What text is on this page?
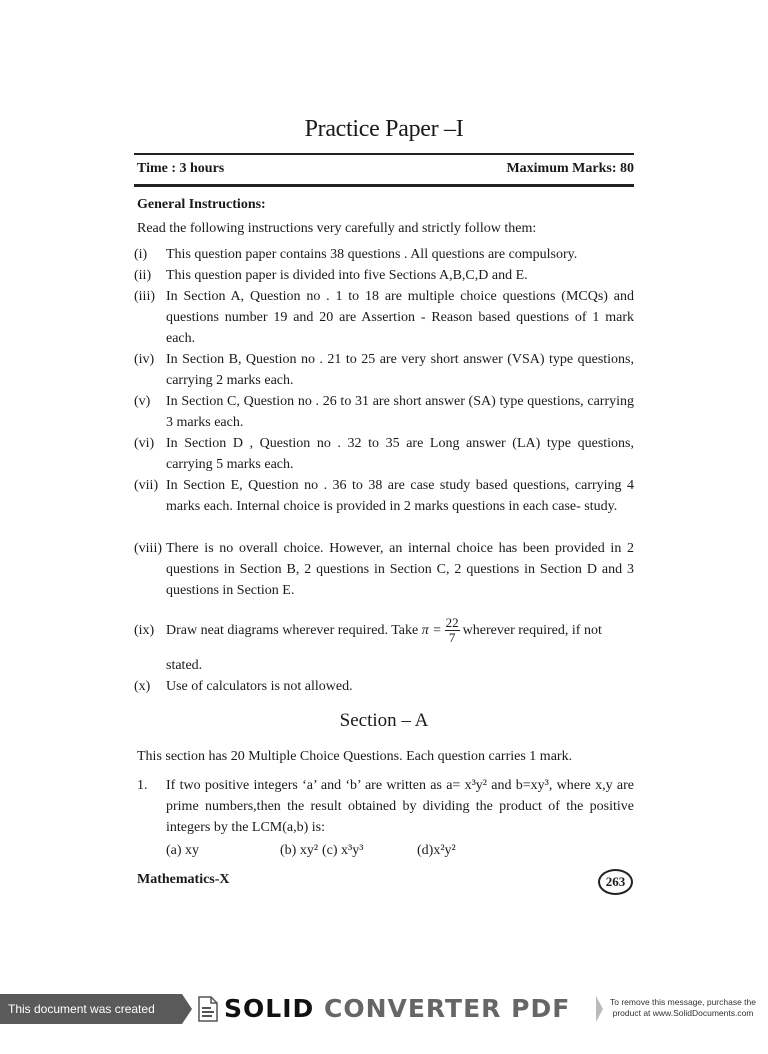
Practice Paper –I
Time : 3 hours	Maximum Marks: 80
General Instructions:
Read the following instructions very carefully and strictly follow them:
(i) This question paper contains 38 questions . All questions are compulsory.
(ii) This question paper is divided into five Sections A,B,C,D and E.
(iii) In Section A, Question no . 1 to 18 are multiple choice questions (MCQs) and questions number 19 and 20 are Assertion - Reason based questions of 1 mark each.
(iv) In Section B, Question no . 21 to 25 are very short answer (VSA) type questions, carrying 2 marks each.
(v) In Section C, Question no . 26 to 31 are short answer (SA) type questions, carrying 3 marks each.
(vi) In Section D , Question no . 32 to 35 are Long answer (LA) type questions, carrying 5 marks each.
(vii) In Section E, Question no . 36 to 38 are case study based questions, carrying 4 marks each. Internal choice is provided in 2 marks questions in each case- study.
(viii) There is no overall choice. However, an internal choice has been provided in 2 questions in Section B, 2 questions in Section C, 2 questions in Section D and 3 questions in Section E.
(ix) Draw neat diagrams wherever required. Take $\pi = \frac{22}{7}$ wherever required, if not
stated.
(x) Use of calculators is not allowed.
Section – A
This section has 20 Multiple Choice Questions. Each question carries 1 mark.
1. If two positive integers ‘a’ and ‘b’ are written as a= x³y² and b=xy³, where x,y are prime numbers,then the result obtained by dividing the product of the positive integers by the LCM(a,b) is:
(a) xy	(b) xy² (c) x³y³	(d)x²y²
Mathematics-X	263
This document was created using
SOLID CONVERTER PDF	To remove this message, purchase the
product at www.SolidDocuments.com
